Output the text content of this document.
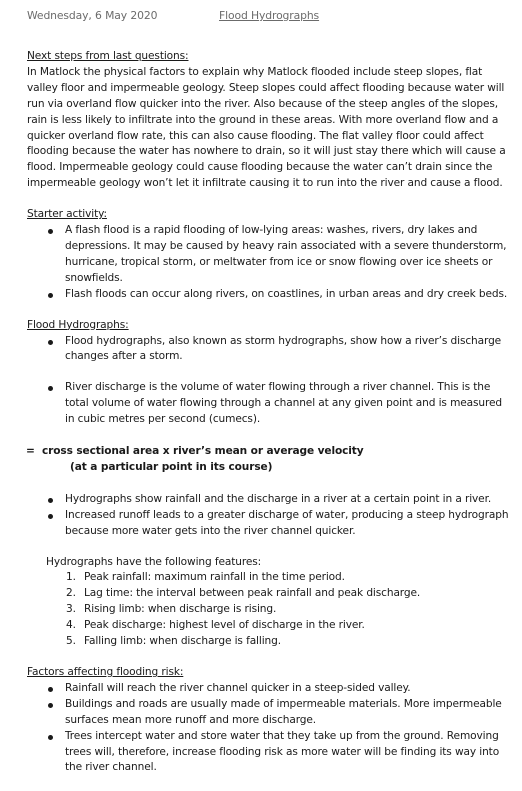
Wednesday, 6 May 2020	Flood Hydrographs

Next steps from last questions:

In Matlock the physical factors to explain why Matlock flooded include steep slopes, flat valley floor and impermeable geology. Steep slopes could affect flooding because water will run via overland flow quicker into the river. Also because of the steep angles of the slopes, rain is less likely to infiltrate into the ground in these areas. With more overland flow and a quicker overland flow rate, this can also cause flooding. The flat valley floor could affect flooding because the water has nowhere to drain, so it will just stay there which will cause a flood. Impermeable geology could cause flooding because the water can’t drain since the impermeable geology won’t let it infiltrate causing it to run into the river and cause a flood.

Starter activity:

A flash flood is a rapid flooding of low-lying areas: washes, rivers, dry lakes and depressions. It may be caused by heavy rain associated with a severe thunderstorm, hurricane, tropical storm, or meltwater from ice or snow flowing over ice sheets or snowfields.
Flash floods can occur along rivers, on coastlines, in urban areas and dry creek beds.

Flood Hydrographs:

Flood hydrographs, also known as storm hydrographs, show how a river’s discharge changes after a storm.
River discharge is the volume of water flowing through a river channel. This is the total volume of water flowing through a channel at any given point and is measured in cubic metres per second (cumecs).
= cross sectional area x river’s mean or average velocity
(at a particular point in its course)
Hydrographs show rainfall and the discharge in a river at a certain point in a river.
Increased runoff leads to a greater discharge of water, producing a steep hydrograph because more water gets into the river channel quicker.

Hydrographs have the following features:

1. Peak rainfall: maximum rainfall in the time period.
2. Lag time: the interval between peak rainfall and peak discharge.
3. Rising limb: when discharge is rising.
4. Peak discharge: highest level of discharge in the river.
5. Falling limb: when discharge is falling.

Factors affecting flooding risk:

Rainfall will reach the river channel quicker in a steep-sided valley.
Buildings and roads are usually made of impermeable materials. More impermeable surfaces mean more runoff and more discharge.
Trees intercept water and store water that they take up from the ground. Removing trees will, therefore, increase flooding risk as more water will be finding its way into the river channel.
